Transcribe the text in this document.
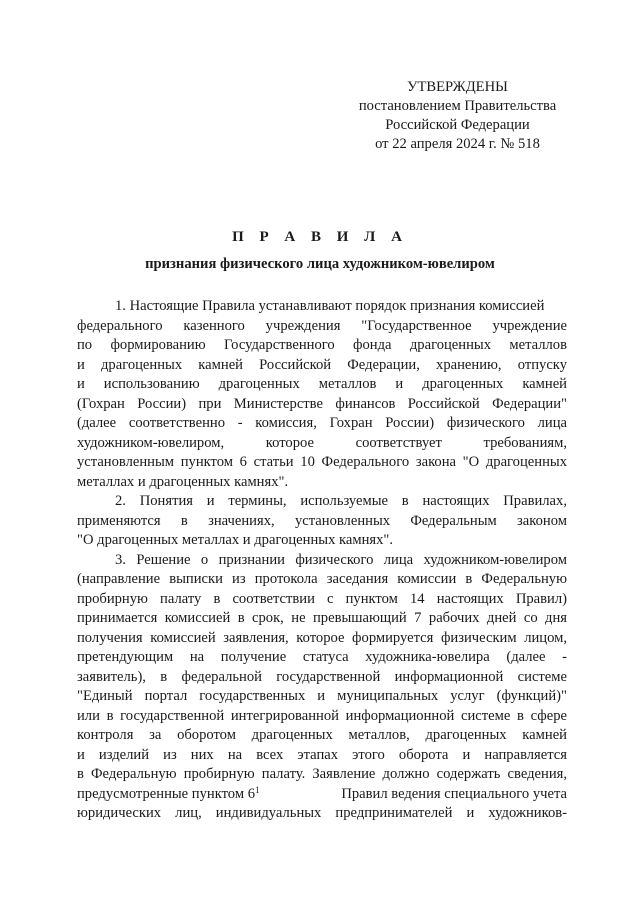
УТВЕРЖДЕНЫ
постановлением Правительства
Российской Федерации
от 22 апреля 2024 г. № 518
П Р А В И Л А
признания физического лица художником-ювелиром
1. Настоящие Правила устанавливают порядок признания комиссией
федерального казенного учреждения "Государственное учреждение
по формированию Государственного фонда драгоценных металлов
и драгоценных камней Российской Федерации, хранению, отпуску
и использованию драгоценных металлов и драгоценных камней
(Гохран России) при Министерстве финансов Российской Федерации"
(далее соответственно - комиссия, Гохран России) физического лица
художником-ювелиром, которое соответствует требованиям,
установленным пунктом 6 статьи 10 Федерального закона "О драгоценных
металлах и драгоценных камнях".
2. Понятия и термины, используемые в настоящих Правилах,
применяются в значениях, установленных Федеральным законом
"О драгоценных металлах и драгоценных камнях".
3. Решение о признании физического лица художником-ювелиром
(направление выписки из протокола заседания комиссии в Федеральную
пробирную палату в соответствии с пунктом 14 настоящих Правил)
принимается комиссией в срок, не превышающий 7 рабочих дней со дня
получения комиссией заявления, которое формируется физическим лицом,
претендующим на получение статуса художника-ювелира (далее -
заявитель), в федеральной государственной информационной системе
"Единый портал государственных и муниципальных услуг (функций)"
или в государственной интегрированной информационной системе в сфере
контроля за оборотом драгоценных металлов, драгоценных камней
и изделий из них на всех этапах этого оборота и направляется
в Федеральную пробирную палату. Заявление должно содержать сведения,
предусмотренные пунктом $6^1$	Правил ведения специального учета
юридических лиц, индивидуальных предпринимателей и художников-
